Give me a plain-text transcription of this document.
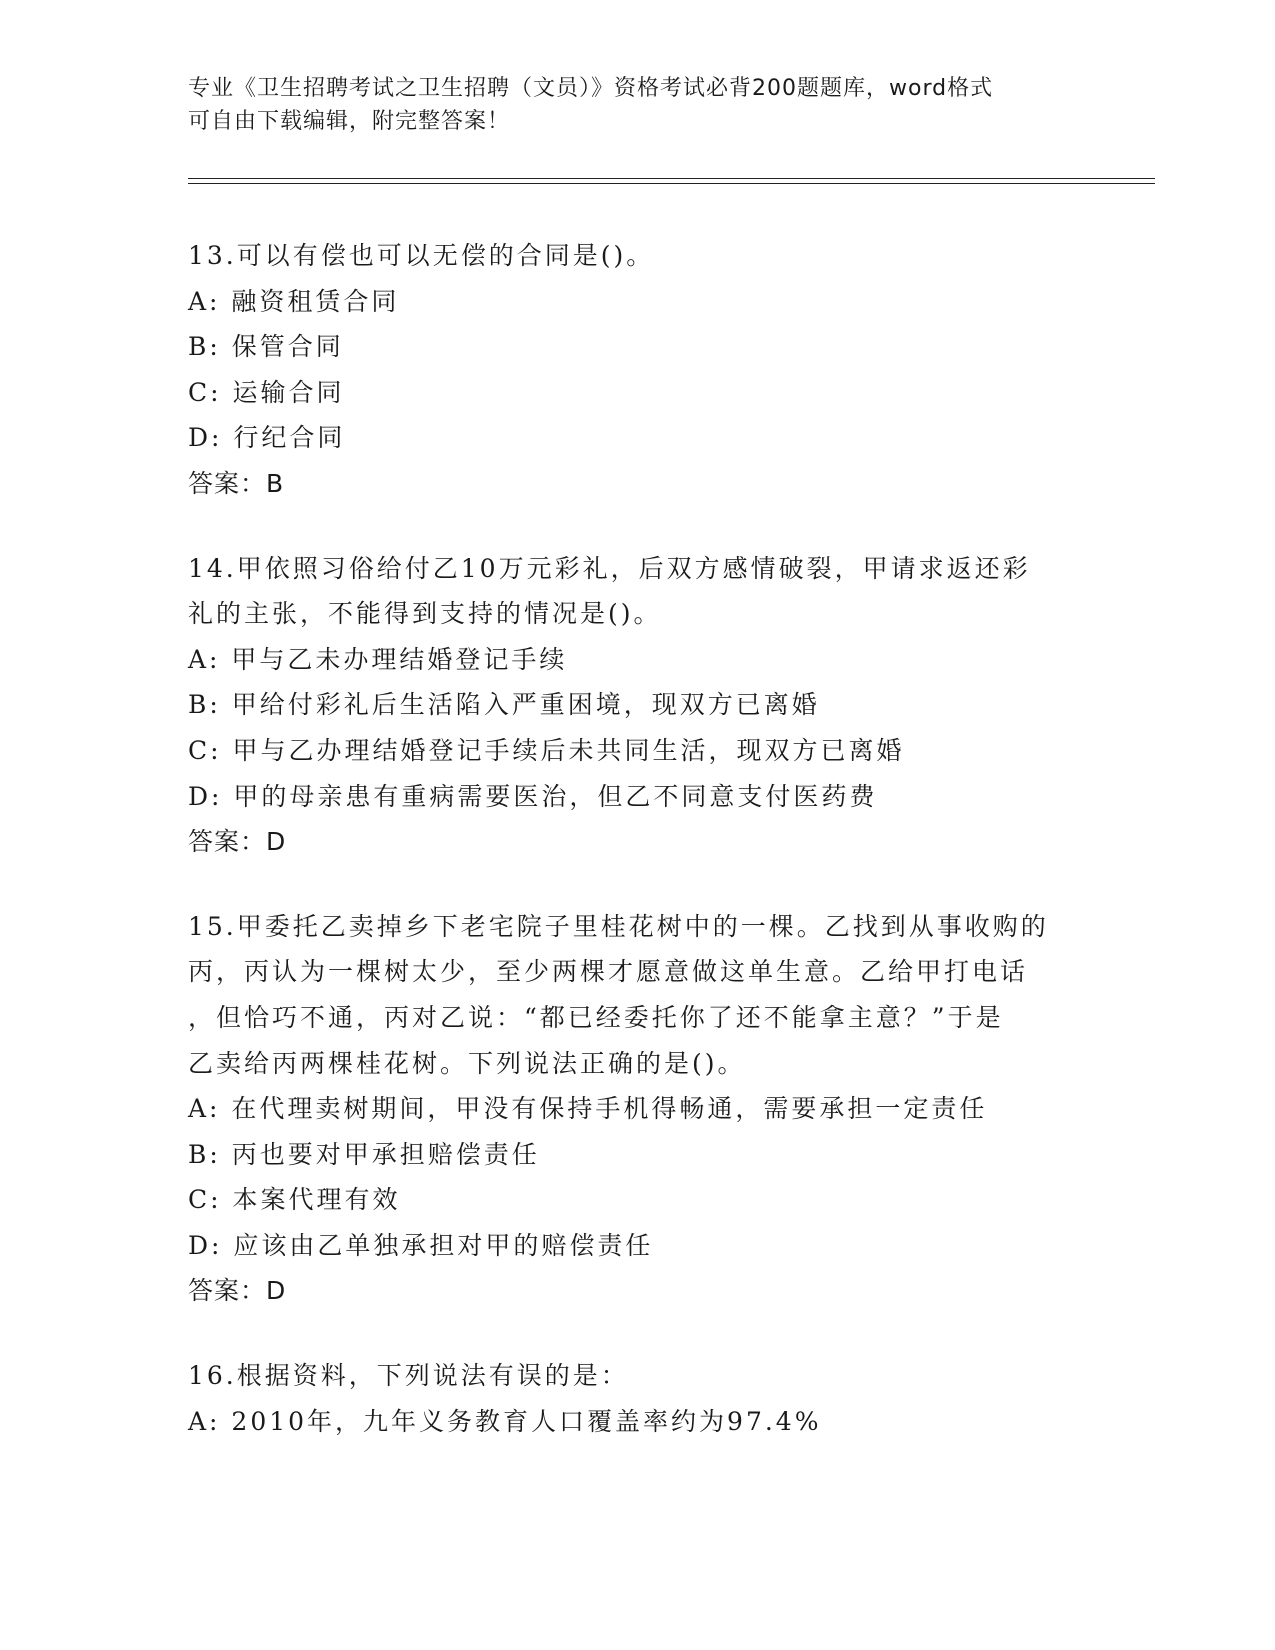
专业《卫生招聘考试之卫生招聘（文员）》资格考试必背200题题库，word格式
可自由下载编辑，附完整答案！
13.可以有偿也可以无偿的合同是()。
A: 融资租赁合同
B: 保管合同
C: 运输合同
D: 行纪合同
答案：B
14.甲依照习俗给付乙10万元彩礼，后双方感情破裂，甲请求返还彩
礼的主张，不能得到支持的情况是()。
A: 甲与乙未办理结婚登记手续
B: 甲给付彩礼后生活陷入严重困境，现双方已离婚
C: 甲与乙办理结婚登记手续后未共同生活，现双方已离婚
D: 甲的母亲患有重病需要医治，但乙不同意支付医药费
答案：D
15.甲委托乙卖掉乡下老宅院子里桂花树中的一棵。乙找到从事收购的
丙，丙认为一棵树太少，至少两棵才愿意做这单生意。乙给甲打电话
，但恰巧不通，丙对乙说：“都已经委托你了还不能拿主意？”于是
乙卖给丙两棵桂花树。下列说法正确的是()。
A: 在代理卖树期间，甲没有保持手机得畅通，需要承担一定责任
B: 丙也要对甲承担赔偿责任
C: 本案代理有效
D: 应该由乙单独承担对甲的赔偿责任
答案：D
16.根据资料，下列说法有误的是：
A: 2010年，九年义务教育人口覆盖率约为97.4%
